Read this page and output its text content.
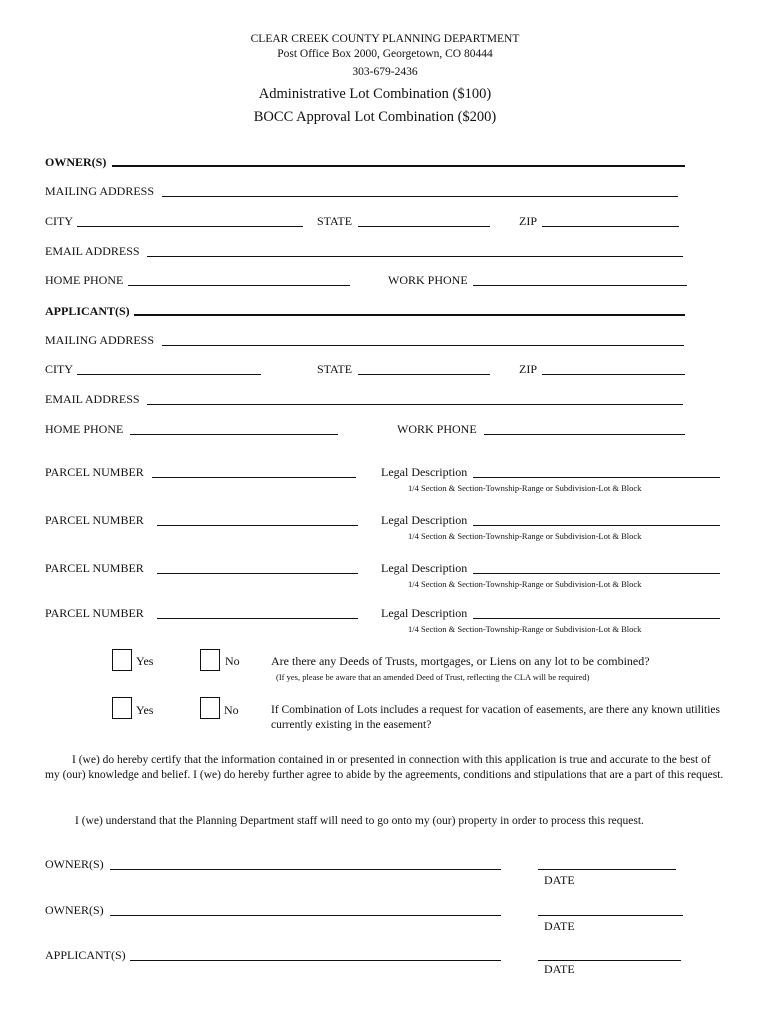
CLEAR CREEK COUNTY PLANNING DEPARTMENT
Post Office Box 2000, Georgetown, CO 80444
303-679-2436
Administrative Lot Combination ($100)
BOCC Approval Lot Combination ($200)
OWNER(S)
MAILING ADDRESS
CITY	STATE	ZIP
EMAIL ADDRESS
HOME PHONE	WORK PHONE
APPLICANT(S)
MAILING ADDRESS
CITY	STATE	ZIP
EMAIL ADDRESS
HOME PHONE	WORK PHONE
PARCEL NUMBER	Legal Description
1/4 Section & Section-Township-Range or Subdivision-Lot & Block
PARCEL NUMBER	Legal Description
1/4 Section & Section-Township-Range or Subdivision-Lot & Block
PARCEL NUMBER	Legal Description
1/4 Section & Section-Township-Range or Subdivision-Lot & Block
PARCEL NUMBER	Legal Description
1/4 Section & Section-Township-Range or Subdivision-Lot & Block
Yes	No	Are there any Deeds of Trusts, mortgages, or Liens on any lot to be combined?
(If yes, please be aware that an amended Deed of Trust, reflecting the CLA will be required)
Yes	No	If Combination of Lots includes a request for vacation of easements, are there any known utilities currently existing in the easement?
I (we) do hereby certify that the information contained in or presented in connection with this application is true and accurate to the best of my (our) knowledge and belief. I (we) do hereby further agree to abide by the agreements, conditions and stipulations that are a part of this request.
I (we) understand that the Planning Department staff will need to go onto my (our) property in order to process this request.
OWNER(S)
DATE
OWNER(S)
DATE
APPLICANT(S)
DATE
